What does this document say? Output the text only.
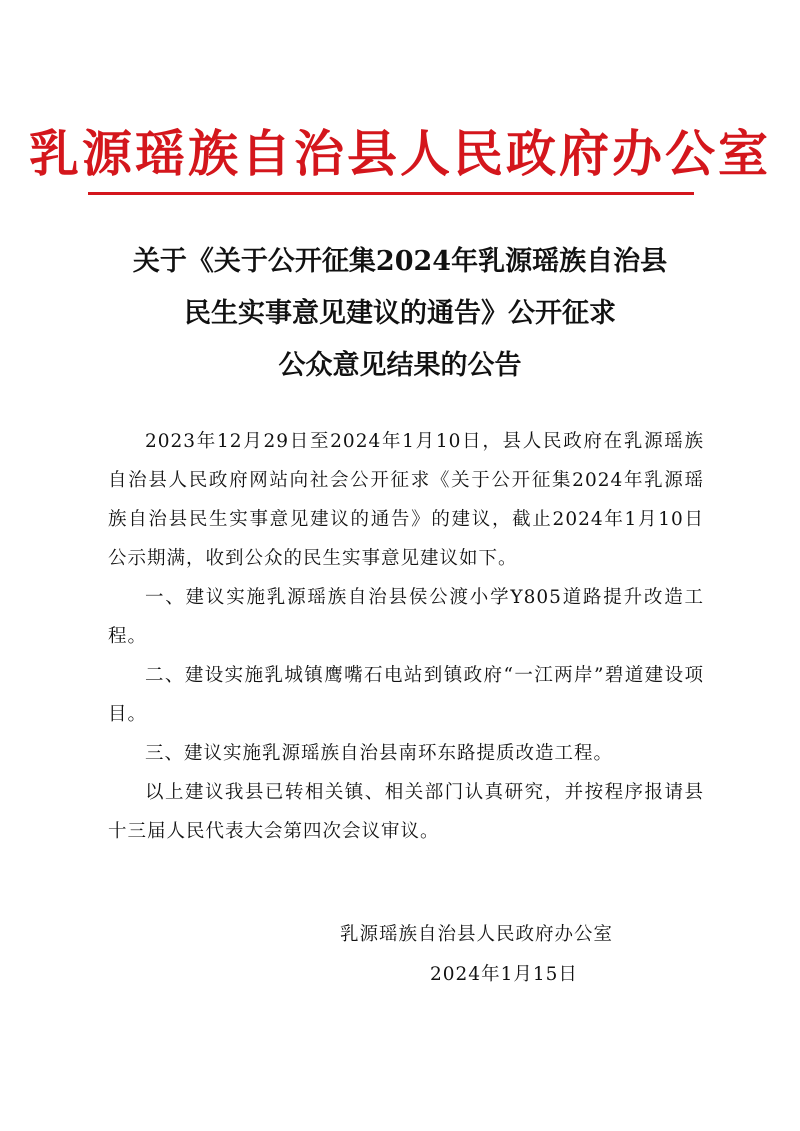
乳源瑶族自治县人民政府办公室
关于《关于公开征集2024年乳源瑶族自治县
民生实事意见建议的通告》公开征求
公众意见结果的公告

2023年12月29日至2024年1月10日，县人民政府在乳源瑶族自治县人民政府网站向社会公开征求《关于公开征集2024年乳源瑶族自治县民生实事意见建议的通告》的建议，截止2024年1月10日公示期满，收到公众的民生实事意见建议如下。

一、建议实施乳源瑶族自治县侯公渡小学Y805道路提升改造工程。

二、建设实施乳城镇鹰嘴石电站到镇政府“一江两岸”碧道建设项目。

三、建议实施乳源瑶族自治县南环东路提质改造工程。

以上建议我县已转相关镇、相关部门认真研究，并按程序报请县十三届人民代表大会第四次会议审议。

乳源瑶族自治县人民政府办公室
2024年1月15日
